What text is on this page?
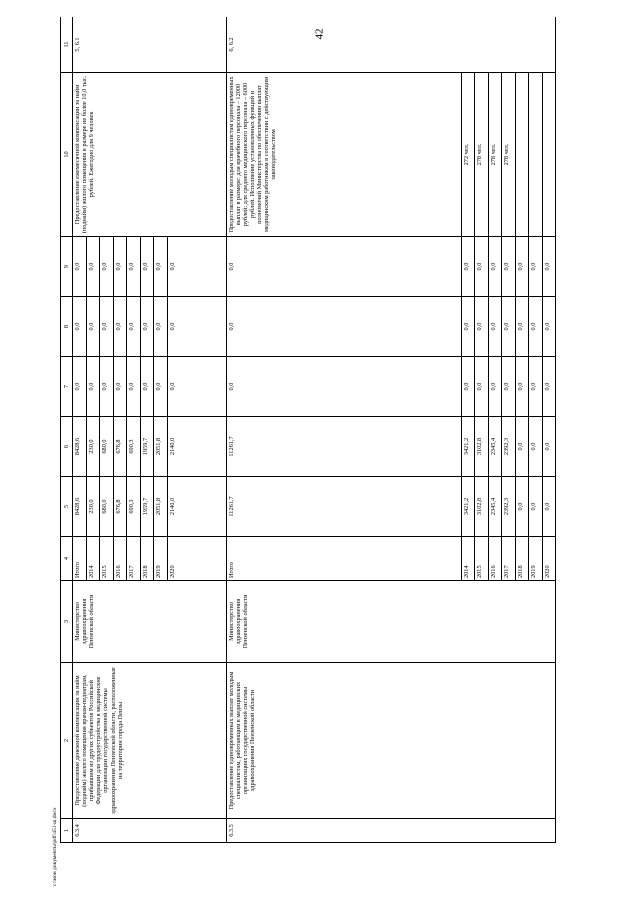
42
1	2	3	4	5	6	7	8	9	10	11
6.3.4	Предоставление денежной компенсации за найм (поднайм) жилого помещения врачам-педиатрам, прибывшим из других субъектов Российской Федерации для трудоустройства в медицинские организации государственной системы здравоохранения Пензенской области, расположенные на территории города Пензы	Министерство здравоохранения Пензенской области	Итого	8428,6	8428,6	0,0	0,0	0,0	Предоставление ежемесячной компенсации за найм (поднайм) жилого помещения в размере не более 10,0 тыс. рублей. Ежегодно для 9 человек	5, 6.1
			2014	230,0	230,0	0,0	0,0	0,0		
			2015	680,0	680,0	0,0	0,0	0,0		
			2016	676,8	676,8	0,0	0,0	0,0		
			2017	690,3	690,3	0,0	0,0	0,0		
			2018	1959,7	1959,7	0,0	0,0	0,0		
			2019	2051,8	2051,8	0,0	0,0	0,0		
			2020	2140,0	2140,0	0,0	0,0	0,0		
6.3.5	Предоставление единовременных выплат молодым специалистам, работающим в медицинских организациях государственной системы здравоохранения Пензенской области	Министерство здравоохранения Пензенской области	Итого	11261,7	11261,7	0,0	0,0	0,0	Предоставление молодым специалистам единовременных выплат в размере: для врачебного персонала – 12000 рублей; для среднего медицинского персонала – 6000 рублей. Исполнение установленных функций и полномочий Министерства по обеспечению выплат медицинским работникам в соответствии с действующим законодательством	6, 6.2
			2014	3421,2	3421,2	0,0	0,0	0,0	272 чел.	
			2015	3102,8	3102,8	0,0	0,0	0,0	278 чел.	
			2016	2345,4	2345,4	0,0	0,0	0,0	278 чел.	
			2017	2392,3	2392,3	0,0	0,0	0,0	278 чел.	
			2018	0,0	0,0	0,0	0,0	0,0		
			2019	0,0	0,0	0,0	0,0	0,0		
			2020	0,0	0,0	0,0	0,0	0,0		
c:\мои документы\pdf\451-ш.docx
